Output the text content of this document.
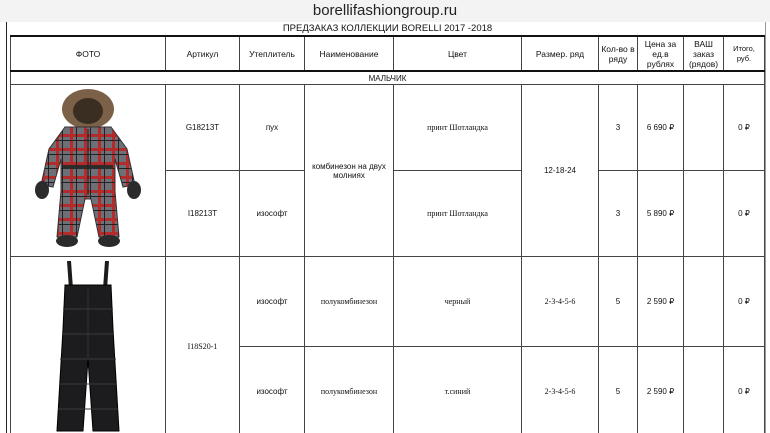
borellifashiongroup.ru
ПРЕДЗАКАЗ КОЛЛЕКЦИИ BORELLI 2017 -2018
ФОТО	Артикул	Утеплитель	Наименование	Цвет	Размер. ряд	Кол-во в ряду	Цена за ед.в рублях	ВАШ заказ (рядов)	Итого, руб.
МАЛЬЧИК									

	G18213T	пух	комбинезон на двух молниях	принт Шотландка	12-18-24	3	6 690 ₽		0 ₽
	I18213T	изософт		принт Шотландка		3	5 890 ₽		0 ₽

	I18S20-1	изософт	полукомбинезон	черный	2-3-4-5-6	5	2 590 ₽		0 ₽
		изософт	полукомбинезон	т.синий	2-3-4-5-6	5	2 590 ₽		0 ₽
